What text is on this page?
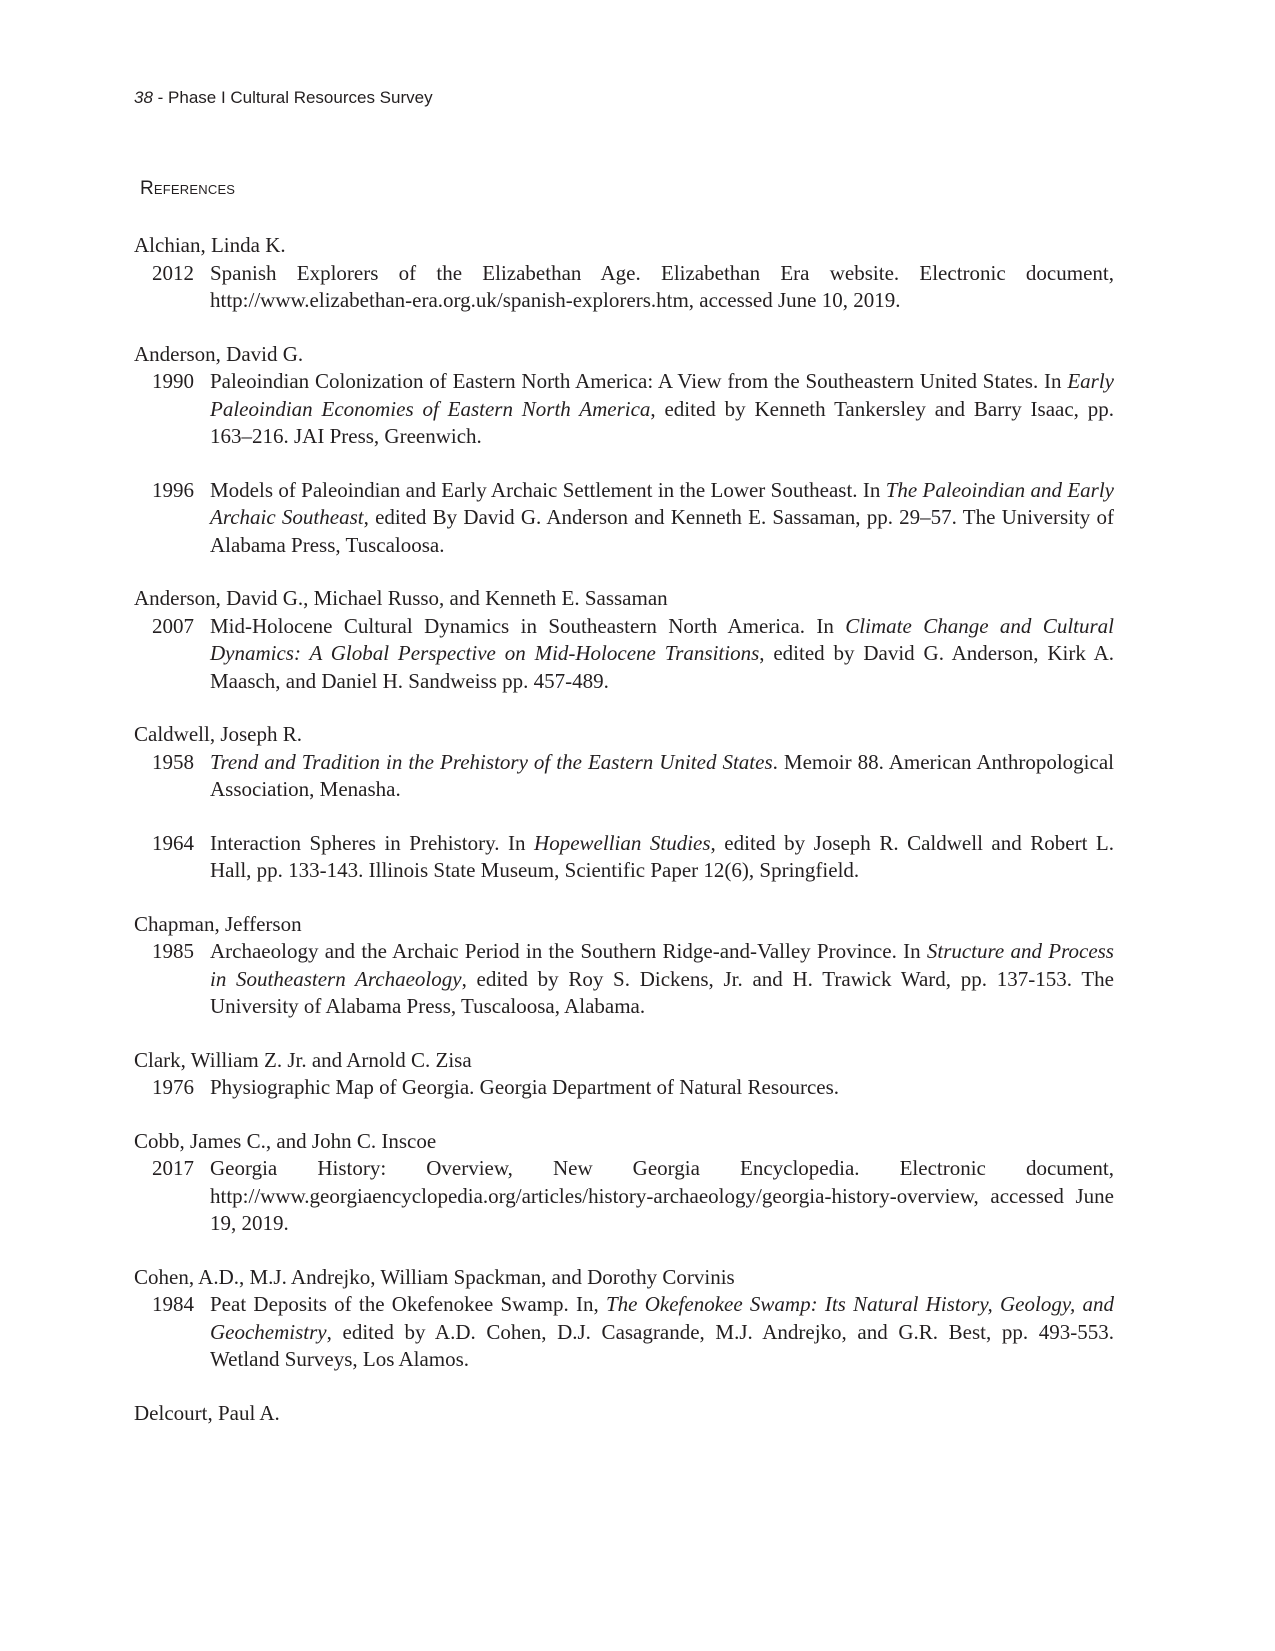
38 - Phase I Cultural Resources Survey
References
Alchian, Linda K.
2012 Spanish Explorers of the Elizabethan Age. Elizabethan Era website. Electronic document, http://www.elizabethan-era.org.uk/spanish-explorers.htm, accessed June 10, 2019.
Anderson, David G.
1990 Paleoindian Colonization of Eastern North America: A View from the Southeastern United States. In Early Paleoindian Economies of Eastern North America, edited by Kenneth Tankersley and Barry Isaac, pp. 163–216. JAI Press, Greenwich.
1996 Models of Paleoindian and Early Archaic Settlement in the Lower Southeast. In The Paleoindian and Early Archaic Southeast, edited By David G. Anderson and Kenneth E. Sassaman, pp. 29–57. The University of Alabama Press, Tuscaloosa.
Anderson, David G., Michael Russo, and Kenneth E. Sassaman
2007 Mid-Holocene Cultural Dynamics in Southeastern North America. In Climate Change and Cultural Dynamics: A Global Perspective on Mid-Holocene Transitions, edited by David G. Anderson, Kirk A. Maasch, and Daniel H. Sandweiss pp. 457-489.
Caldwell, Joseph R.
1958 Trend and Tradition in the Prehistory of the Eastern United States. Memoir 88. American Anthropological Association, Menasha.
1964 Interaction Spheres in Prehistory. In Hopewellian Studies, edited by Joseph R. Caldwell and Robert L. Hall, pp. 133-143. Illinois State Museum, Scientific Paper 12(6), Springfield.
Chapman, Jefferson
1985 Archaeology and the Archaic Period in the Southern Ridge-and-Valley Province. In Structure and Process in Southeastern Archaeology, edited by Roy S. Dickens, Jr. and H. Trawick Ward, pp. 137-153. The University of Alabama Press, Tuscaloosa, Alabama.
Clark, William Z. Jr. and Arnold C. Zisa
1976 Physiographic Map of Georgia. Georgia Department of Natural Resources.
Cobb, James C., and John C. Inscoe
2017 Georgia History: Overview, New Georgia Encyclopedia. Electronic document, http://www.georgiaencyclopedia.org/articles/history-archaeology/georgia-history-overview, accessed June 19, 2019.
Cohen, A.D., M.J. Andrejko, William Spackman, and Dorothy Corvinis
1984 Peat Deposits of the Okefenokee Swamp. In, The Okefenokee Swamp: Its Natural History, Geology, and Geochemistry, edited by A.D. Cohen, D.J. Casagrande, M.J. Andrejko, and G.R. Best, pp. 493-553. Wetland Surveys, Los Alamos.
Delcourt, Paul A.
